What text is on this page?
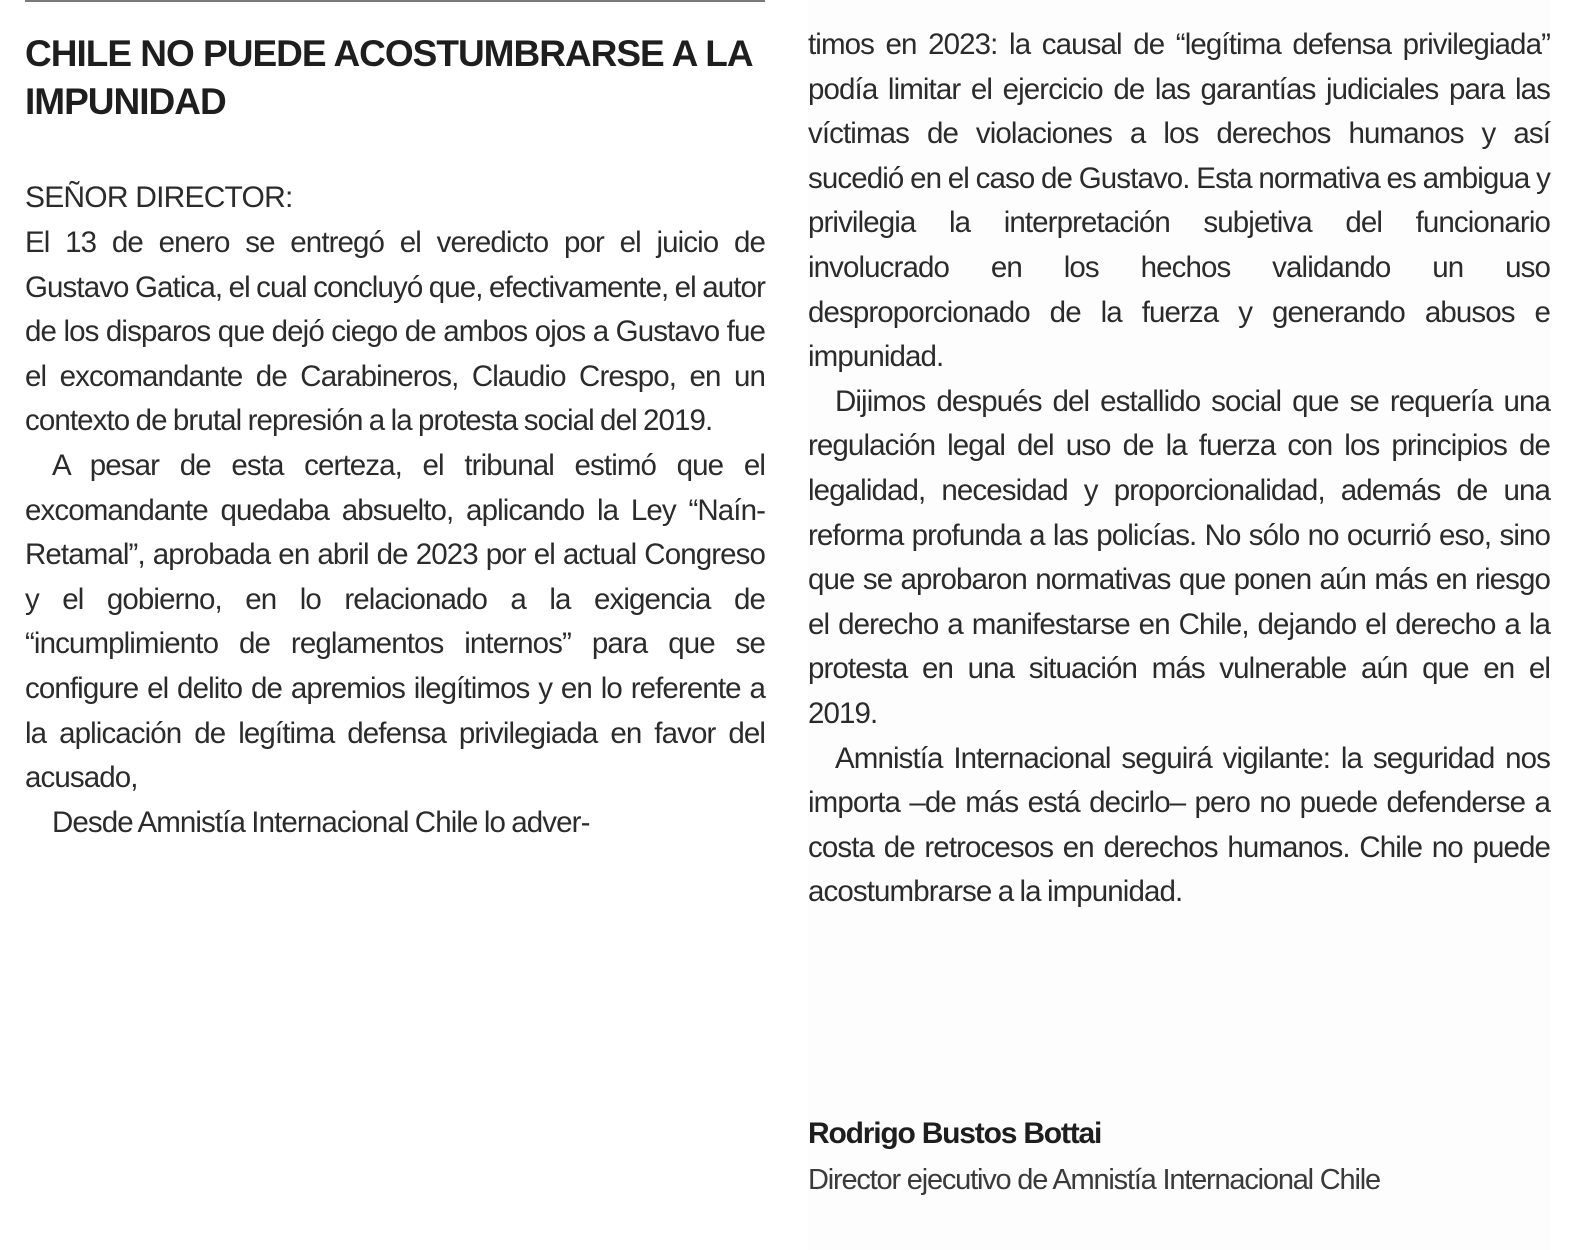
CHILE NO PUEDE ACOSTUMBRARSE A LA IMPUNIDAD
SEÑOR DIRECTOR:

El 13 de enero se entregó el veredicto por el juicio de Gustavo Gatica, el cual concluyó que, efectivamente, el autor de los disparos que dejó ciego de ambos ojos a Gustavo fue el excomandante de Carabineros, Claudio Crespo, en un contexto de brutal represión a la protesta social del 2019.

A pesar de esta certeza, el tribunal estimó que el excomandante quedaba absuelto, aplicando la Ley “Naín-Retamal”, aprobada en abril de 2023 por el actual Congreso y el gobierno, en lo relacionado a la exigencia de “incumplimiento de reglamentos internos” para que se configure el delito de apremios ilegítimos y en lo referente a la aplicación de legítima defensa privilegiada en favor del acusado,

Desde Amnistía Internacional Chile lo adver-

timos en 2023: la causal de “legítima defensa privilegiada” podía limitar el ejercicio de las garantías judiciales para las víctimas de violaciones a los derechos humanos y así sucedió en el caso de Gustavo. Esta normativa es ambigua y privilegia la interpretación subjetiva del funcionario involucrado en los hechos validando un uso desproporcionado de la fuerza y generando abusos e impunidad.

Dijimos después del estallido social que se requería una regulación legal del uso de la fuerza con los principios de legalidad, necesidad y proporcionalidad, además de una reforma profunda a las policías. No sólo no ocurrió eso, sino que se aprobaron normativas que ponen aún más en riesgo el derecho a manifestarse en Chile, dejando el derecho a la protesta en una situación más vulnerable aún que en el 2019.

Amnistía Internacional seguirá vigilante: la seguridad nos importa –de más está decirlo– pero no puede defenderse a costa de retrocesos en derechos humanos. Chile no puede acostumbrarse a la impunidad.

Rodrigo Bustos Bottai
Director ejecutivo de Amnistía Internacional Chile
